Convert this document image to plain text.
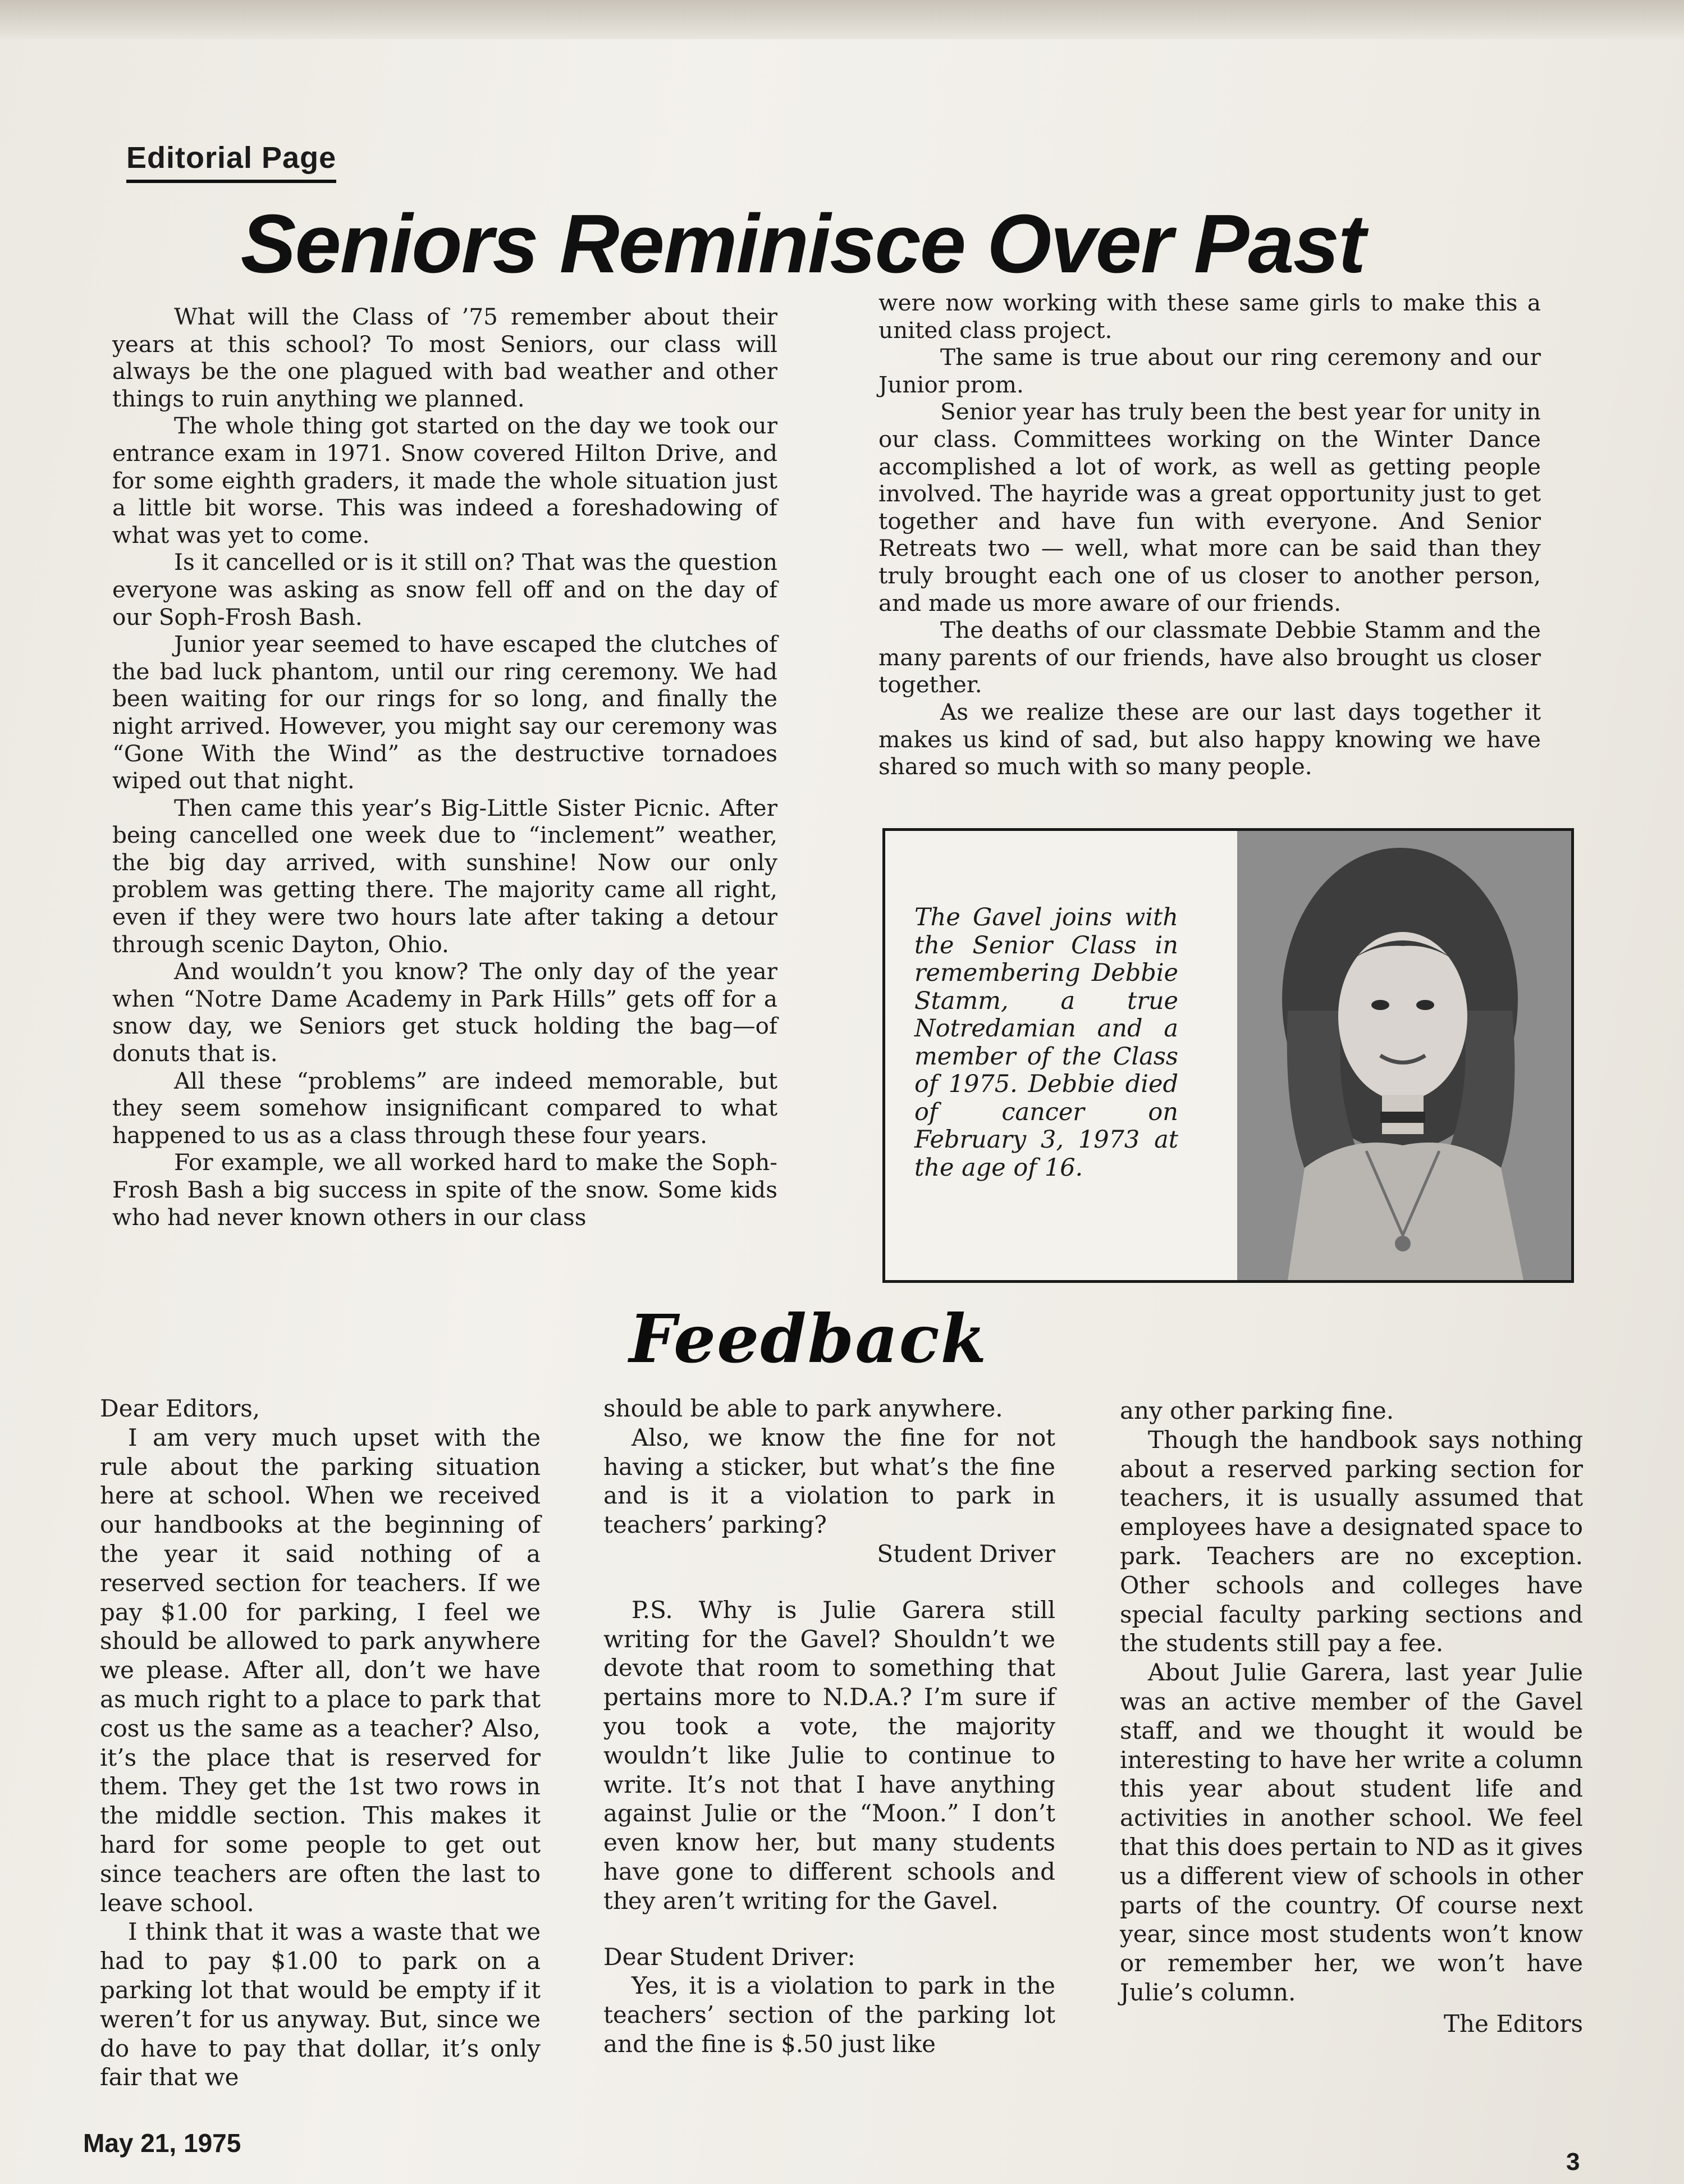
Editorial Page
Seniors Reminisce Over Past

What will the Class of ’75 remember about their years at this school? To most Seniors, our class will always be the one plagued with bad weather and other things to ruin anything we planned.

The whole thing got started on the day we took our entrance exam in 1971. Snow covered Hilton Drive, and for some eighth graders, it made the whole situation just a little bit worse. This was indeed a foreshadowing of what was yet to come.

Is it cancelled or is it still on? That was the question everyone was asking as snow fell off and on the day of our Soph-Frosh Bash.

Junior year seemed to have escaped the clutches of the bad luck phantom, until our ring ceremony. We had been waiting for our rings for so long, and finally the night arrived. However, you might say our ceremony was “Gone With the Wind” as the destructive tornadoes wiped out that night.

Then came this year’s Big-Little Sister Picnic. After being cancelled one week due to “inclement” weather, the big day arrived, with sunshine! Now our only problem was getting there. The majority came all right, even if they were two hours late after taking a detour through scenic Dayton, Ohio.

And wouldn’t you know? The only day of the year when “Notre Dame Academy in Park Hills” gets off for a snow day, we Seniors get stuck holding the bag—of donuts that is.

All these “problems” are indeed memorable, but they seem somehow insignificant compared to what happened to us as a class through these four years.

For example, we all worked hard to make the Soph-Frosh Bash a big success in spite of the snow. Some kids who had never known others in our class

were now working with these same girls to make this a united class project.

The same is true about our ring ceremony and our Junior prom.

Senior year has truly been the best year for unity in our class. Committees working on the Winter Dance accomplished a lot of work, as well as getting people involved. The hayride was a great opportunity just to get together and have fun with everyone. And Senior Retreats two — well, what more can be said than they truly brought each one of us closer to another person, and made us more aware of our friends.

The deaths of our classmate Debbie Stamm and the many parents of our friends, have also brought us closer together.

As we realize these are our last days together it makes us kind of sad, but also happy knowing we have shared so much with so many people.

The Gavel joins with the Senior Class in remembering Debbie Stamm, a true Notredamian and a member of the Class of 1975. Debbie died of cancer on February 3, 1973 at the age of 16.
Feedback

Dear Editors,

I am very much upset with the rule about the parking situation here at school. When we received our handbooks at the beginning of the year it said nothing of a reserved section for teachers. If we pay $1.00 for parking, I feel we should be allowed to park anywhere we please. After all, don’t we have as much right to a place to park that cost us the same as a teacher? Also, it’s the place that is reserved for them. They get the 1st two rows in the middle section. This makes it hard for some people to get out since teachers are often the last to leave school.

I think that it was a waste that we had to pay $1.00 to park on a parking lot that would be empty if it weren’t for us anyway. But, since we do have to pay that dollar, it’s only fair that we

should be able to park anywhere.

Also, we know the fine for not having a sticker, but what’s the fine and is it a violation to park in teachers’ parking?

Student Driver

P.S. Why is Julie Garera still writing for the Gavel? Shouldn’t we devote that room to something that pertains more to N.D.A.? I’m sure if you took a vote, the majority wouldn’t like Julie to continue to write. It’s not that I have anything against Julie or the “Moon.” I don’t even know her, but many students have gone to different schools and they aren’t writing for the Gavel.

Dear Student Driver:

Yes, it is a violation to park in the teachers’ section of the parking lot and the fine is $.50 just like

any other parking fine.

Though the handbook says nothing about a reserved parking section for teachers, it is usually assumed that employees have a designated space to park. Teachers are no exception. Other schools and colleges have special faculty parking sections and the students still pay a fee.

About Julie Garera, last year Julie was an active member of the Gavel staff, and we thought it would be interesting to have her write a column this year about student life and activities in another school. We feel that this does pertain to ND as it gives us a different view of schools in other parts of the country. Of course next year, since most students won’t know or remember her, we won’t have Julie’s column.

The Editors

May 21, 1975
3
